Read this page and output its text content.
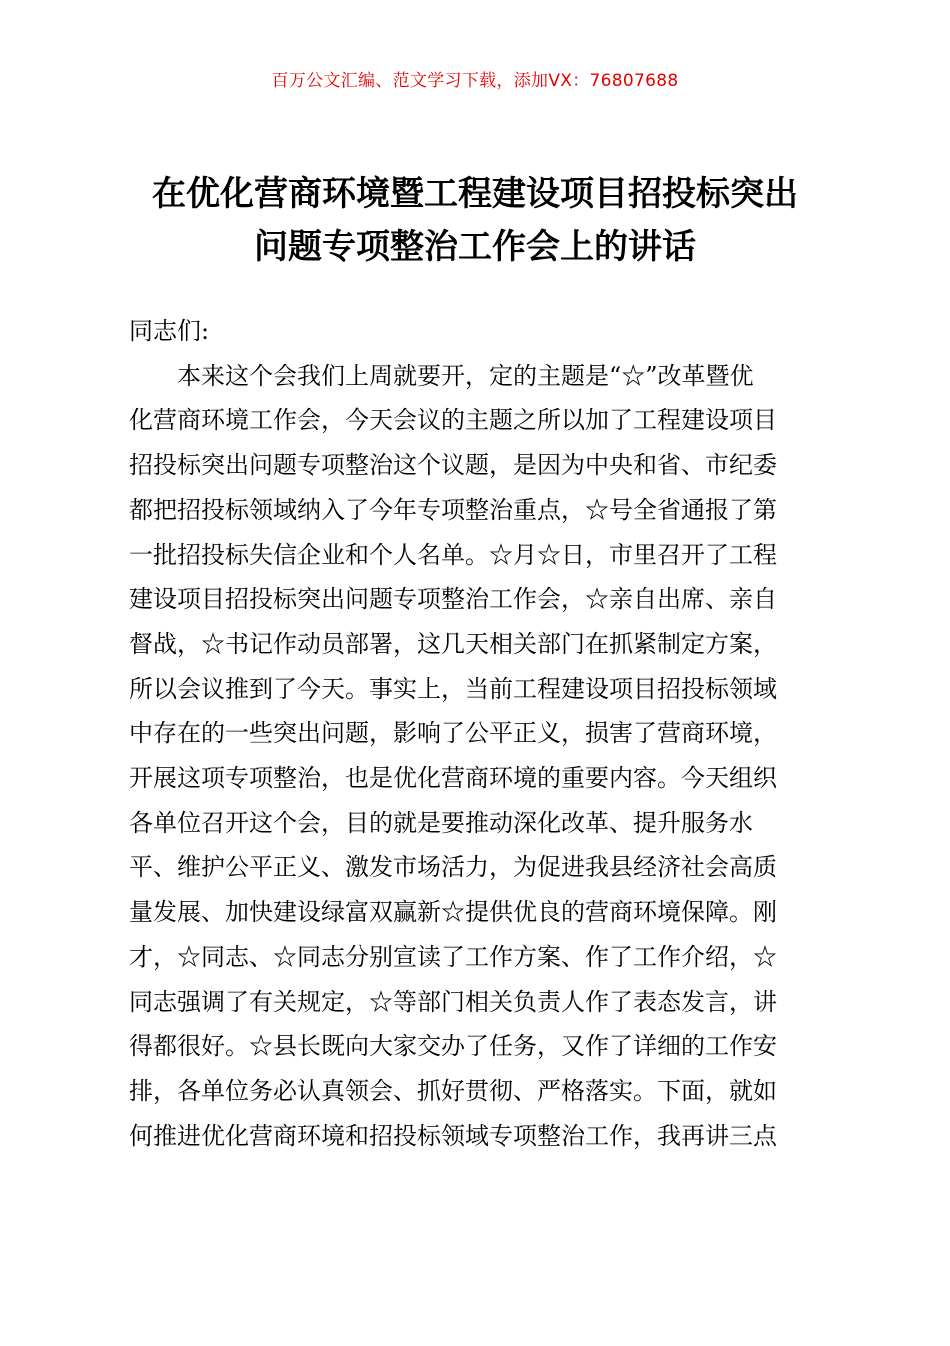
百万公文汇编、范文学习下载，添加VX：76807688
在优化营商环境暨工程建设项目招投标突出
问题专项整治工作会上的讲话
同志们:
　　本来这个会我们上周就要开，定的主题是“☆”改革暨优
化营商环境工作会，今天会议的主题之所以加了工程建设项目
招投标突出问题专项整治这个议题，是因为中央和省、市纪委
都把招投标领域纳入了今年专项整治重点，☆号全省通报了第
一批招投标失信企业和个人名单。☆月☆日，市里召开了工程
建设项目招投标突出问题专项整治工作会，☆亲自出席、亲自
督战，☆书记作动员部署，这几天相关部门在抓紧制定方案，
所以会议推到了今天。事实上，当前工程建设项目招投标领域
中存在的一些突出问题，影响了公平正义，损害了营商环境，
开展这项专项整治，也是优化营商环境的重要内容。今天组织
各单位召开这个会，目的就是要推动深化改革、提升服务水
平、维护公平正义、激发市场活力，为促进我县经济社会高质
量发展、加快建设绿富双赢新☆提供优良的营商环境保障。刚
才，☆同志、☆同志分别宣读了工作方案、作了工作介绍，☆
同志强调了有关规定，☆等部门相关负责人作了表态发言，讲
得都很好。☆县长既向大家交办了任务，又作了详细的工作安
排，各单位务必认真领会、抓好贯彻、严格落实。下面，就如
何推进优化营商环境和招投标领域专项整治工作，我再讲三点
